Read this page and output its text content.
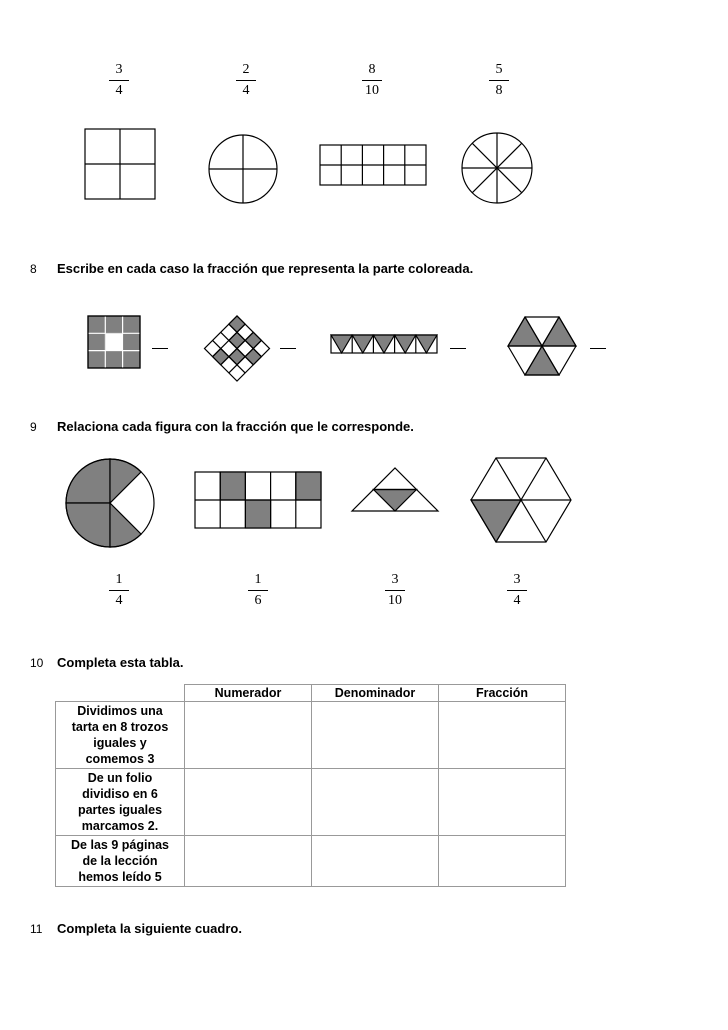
3
4
2
4
8
10
5
8
8 Escribe en cada caso la fracción que representa la parte coloreada.
9 Relaciona cada figura con la fracción que le corresponde.
1
4
1
6
3
10
3
4
10 Completa esta tabla.
	Numerador	Denominador	Fracción

Dividimos una
tarta en 8 trozos
iguales y
comemos 3			

De un folio
dividiso en 6
partes iguales
marcamos 2.			

De las 9 páginas
de la lección
hemos leído 5			

11 Completa la siguiente cuadro.
